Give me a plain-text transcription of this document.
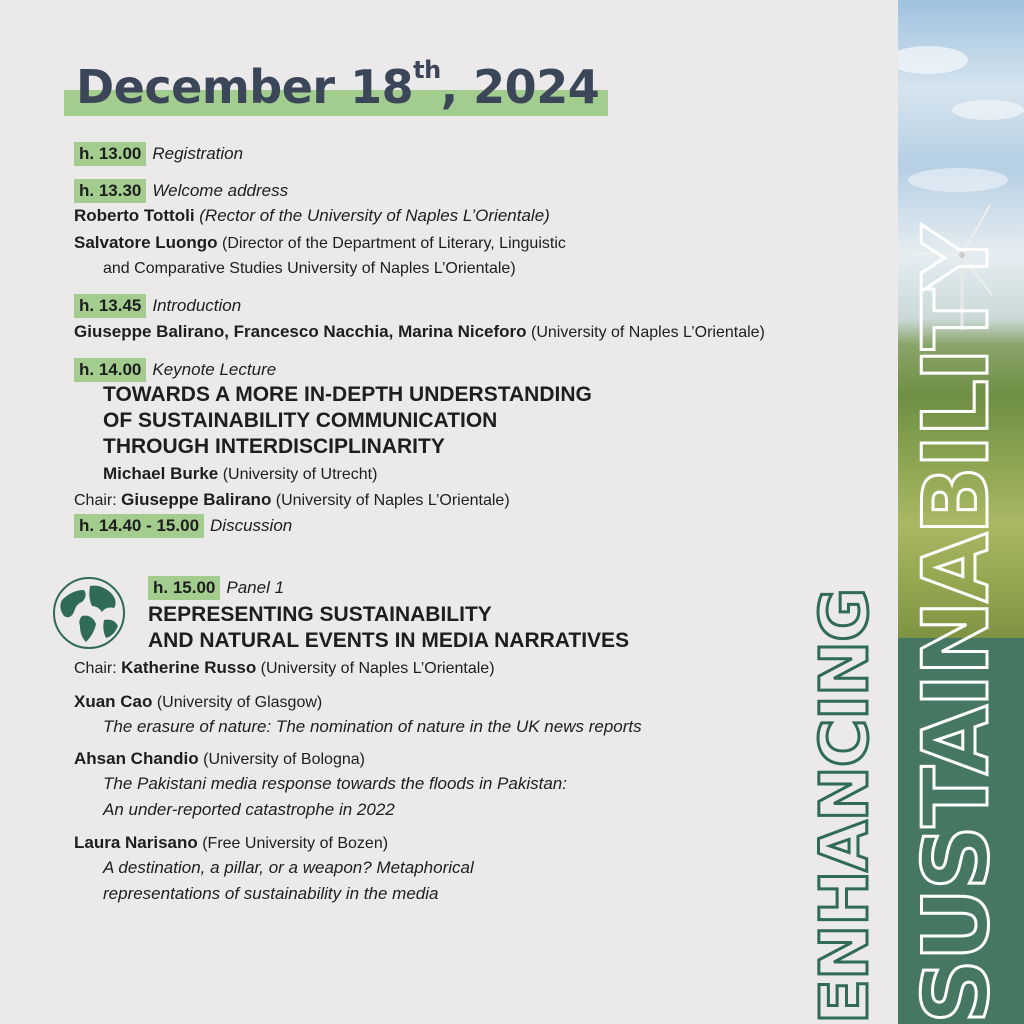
December 18th, 2024
h. 13.00 Registration
h. 13.30 Welcome address
Roberto Tottoli (Rector of the University of Naples L’Orientale)
Salvatore Luongo (Director of the Department of Literary, Linguistic
and Comparative Studies University of Naples L’Orientale)
h. 13.45 Introduction
Giuseppe Balirano, Francesco Nacchia, Marina Niceforo (University of Naples L’Orientale)
h. 14.00 Keynote Lecture
TOWARDS A MORE IN-DEPTH UNDERSTANDING
OF SUSTAINABILITY COMMUNICATION
THROUGH INTERDISCIPLINARITY
Michael Burke (University of Utrecht)
Chair: Giuseppe Balirano (University of Naples L’Orientale)
h. 14.40 - 15.00 Discussion
h. 15.00 Panel 1
REPRESENTING SUSTAINABILITY
AND NATURAL EVENTS IN MEDIA NARRATIVES
Chair: Katherine Russo (University of Naples L’Orientale)
Xuan Cao (University of Glasgow)
The erasure of nature: The nomination of nature in the UK news reports
Ahsan Chandio (University of Bologna)
The Pakistani media response towards the floods in Pakistan:
An under-reported catastrophe in 2022
Laura Narisano (Free University of Bozen)
A destination, a pillar, or a weapon? Metaphorical
representations of sustainability in the media	SUSTAINABILITY
ENHANCING
